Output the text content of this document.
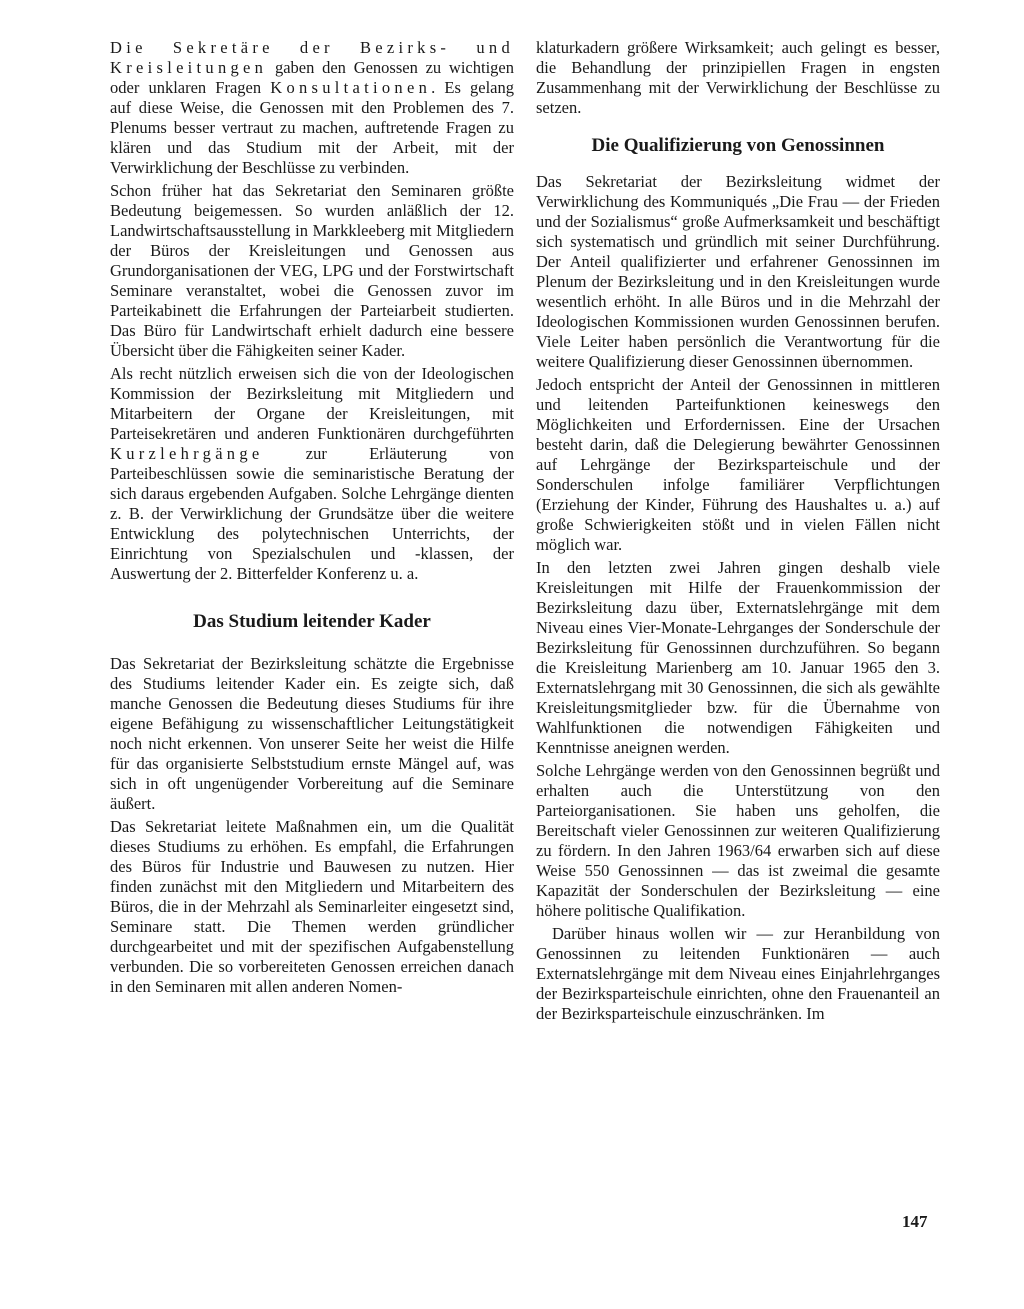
Die Sekretäre der Bezirks- und Kreisleitungen gaben den Genossen zu wichtigen oder unklaren Fragen Konsultationen. Es gelang auf diese Weise, die Genossen mit den Problemen des 7. Plenums besser vertraut zu machen, auftretende Fragen zu klären und das Studium mit der Arbeit, mit der Verwirklichung der Beschlüsse zu verbinden.

Schon früher hat das Sekretariat den Seminaren größte Bedeutung beigemessen. So wurden anläßlich der 12. Landwirtschaftsausstellung in Markkleeberg mit Mitgliedern der Büros der Kreisleitungen und Genossen aus Grundorganisationen der VEG, LPG und der Forstwirtschaft Seminare veranstaltet, wobei die Genossen zuvor im Parteikabinett die Erfahrungen der Parteiarbeit studierten. Das Büro für Landwirtschaft erhielt dadurch eine bessere Übersicht über die Fähigkeiten seiner Kader.

Als recht nützlich erweisen sich die von der Ideologischen Kommission der Bezirksleitung mit Mitgliedern und Mitarbeitern der Organe der Kreisleitungen, mit Parteisekretären und anderen Funktionären durchgeführten Kurzlehrgänge zur Erläuterung von Parteibeschlüssen sowie die seminaristische Beratung der sich daraus ergebenden Aufgaben. Solche Lehrgänge dienten z. B. der Verwirklichung der Grundsätze über die weitere Entwicklung des polytechnischen Unterrichts, der Einrichtung von Spezialschulen und -klassen, der Auswertung der 2. Bitterfelder Konferenz u. a.

Das Studium leitender Kader

Das Sekretariat der Bezirksleitung schätzte die Ergebnisse des Studiums leitender Kader ein. Es zeigte sich, daß manche Genossen die Bedeutung dieses Studiums für ihre eigene Befähigung zu wissenschaftlicher Leitungstätigkeit noch nicht erkennen. Von unserer Seite her weist die Hilfe für das organisierte Selbststudium ernste Mängel auf, was sich in oft ungenügender Vorbereitung auf die Seminare äußert.

Das Sekretariat leitete Maßnahmen ein, um die Qualität dieses Studiums zu erhöhen. Es empfahl, die Erfahrungen des Büros für Industrie und Bauwesen zu nutzen. Hier finden zunächst mit den Mitgliedern und Mitarbeitern des Büros, die in der Mehrzahl als Seminarleiter eingesetzt sind, Seminare statt. Die Themen werden gründlicher durchgearbeitet und mit der spezifischen Aufgabenstellung verbunden. Die so vorbereiteten Genossen erreichen danach in den Seminaren mit allen anderen Nomen-

klaturkadern größere Wirksamkeit; auch gelingt es besser, die Behandlung der prinzipiellen Fragen in engsten Zusammenhang mit der Verwirklichung der Beschlüsse zu setzen.

Die Qualifizierung von Genossinnen

Das Sekretariat der Bezirksleitung widmet der Verwirklichung des Kommuniqués „Die Frau — der Frieden und der Sozialismus“ große Aufmerksamkeit und beschäftigt sich systematisch und gründlich mit seiner Durchführung. Der Anteil qualifizierter und erfahrener Genossinnen im Plenum der Bezirksleitung und in den Kreisleitungen wurde wesentlich erhöht. In alle Büros und in die Mehrzahl der Ideologischen Kommissionen wurden Genossinnen berufen. Viele Leiter haben persönlich die Verantwortung für die weitere Qualifizierung dieser Genossinnen übernommen.

Jedoch entspricht der Anteil der Genossinnen in mittleren und leitenden Parteifunktionen keineswegs den Möglichkeiten und Erfordernissen. Eine der Ursachen besteht darin, daß die Delegierung bewährter Genossinnen auf Lehrgänge der Bezirksparteischule und der Sonderschulen infolge familiärer Verpflichtungen (Erziehung der Kinder, Führung des Haushaltes u. a.) auf große Schwierigkeiten stößt und in vielen Fällen nicht möglich war.

In den letzten zwei Jahren gingen deshalb viele Kreisleitungen mit Hilfe der Frauenkommission der Bezirksleitung dazu über, Externatslehrgänge mit dem Niveau eines Vier-Monate-Lehrganges der Sonderschule der Bezirksleitung für Genossinnen durchzuführen. So begann die Kreisleitung Marienberg am 10. Januar 1965 den 3. Externatslehrgang mit 30 Genossinnen, die sich als gewählte Kreisleitungsmitglieder bzw. für die Übernahme von Wahlfunktionen die notwendigen Fähigkeiten und Kenntnisse aneignen werden.

Solche Lehrgänge werden von den Genossinnen begrüßt und erhalten auch die Unterstützung von den Parteiorganisationen. Sie haben uns geholfen, die Bereitschaft vieler Genossinnen zur weiteren Qualifizierung zu fördern. In den Jahren 1963/64 erwarben sich auf diese Weise 550 Genossinnen — das ist zweimal die gesamte Kapazität der Sonderschulen der Bezirksleitung — eine höhere politische Qualifikation.

Darüber hinaus wollen wir — zur Heranbildung von Genossinnen zu leitenden Funktionären — auch Externatslehrgänge mit dem Niveau eines Einjahrlehrganges der Bezirksparteischule einrichten, ohne den Frauenanteil an der Bezirksparteischule einzuschränken. Im

147
